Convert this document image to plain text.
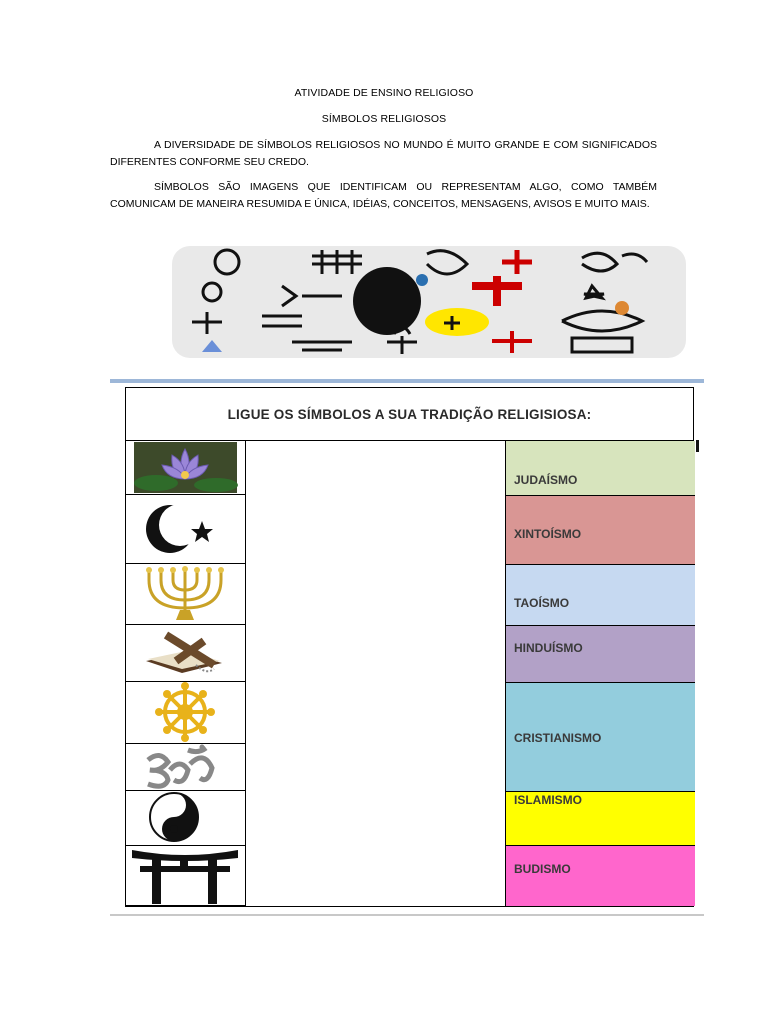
ATIVIDADE DE ENSINO RELIGIOSO
SÍMBOLOS RELIGIOSOS
A DIVERSIDADE DE SÍMBOLOS RELIGIOSOS NO MUNDO É MUITO GRANDE E COM SIGNIFICADOS DIFERENTES CONFORME SEU CREDO.
SÍMBOLOS SÃO IMAGENS QUE IDENTIFICAM OU REPRESENTAM ALGO, COMO TAMBÉM COMUNICAM DE MANEIRA RESUMIDA E ÚNICA, IDÉIAS, CONCEITOS, MENSAGENS, AVISOS E MUITO MAIS.
LIGUE OS SÍMBOLOS A SUA TRADIÇÃO RELIGISIOSA:
JUDAÍSMO
XINTOÍSMO
TAOÍSMO
HINDUÍSMO
CRISTIANISMO
ISLAMISMO
BUDISMO
